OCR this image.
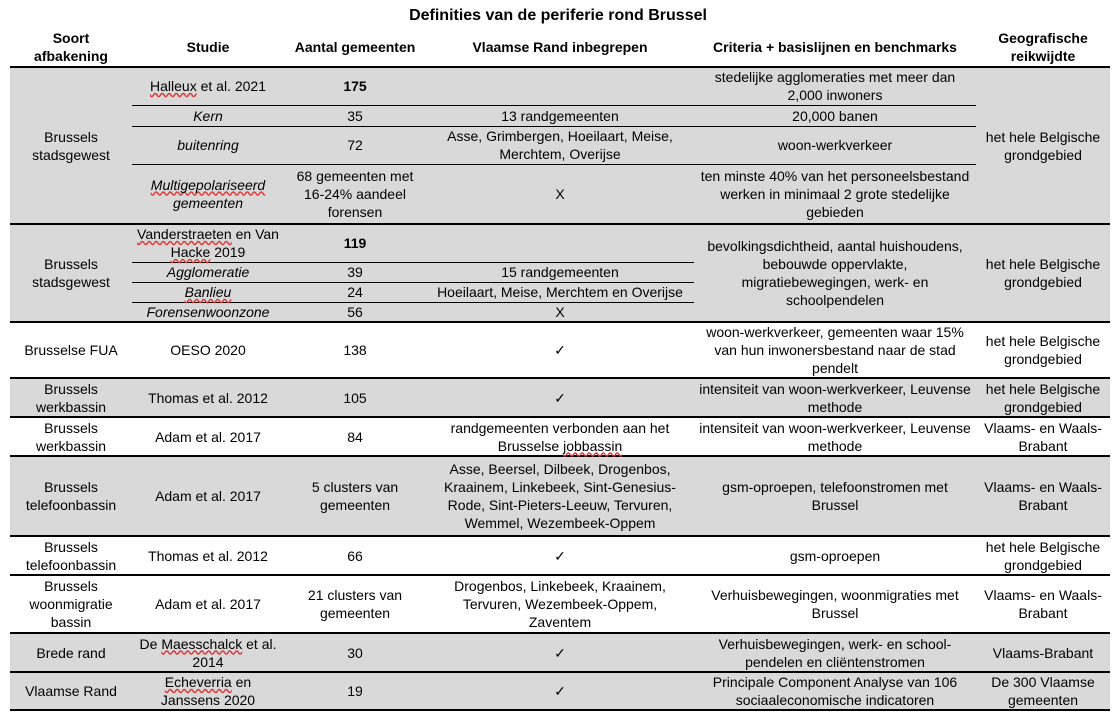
Definities van de periferie rond Brussel
Soort afbakening	Studie	Aantal gemeenten	Vlaamse Rand inbegrepen	Criteria + basislijnen en benchmarks	Geografische reikwijdte
Brussels stadsgewest	Halleux et al. 2021	175		stedelijke agglomeraties met meer dan 2,000 inwoners	het hele Belgische grondgebied
	Kern	35	13 randgemeenten	20,000 banen	
	buitenring	72	Asse, Grimbergen, Hoeilaart, Meise, Merchtem, Overijse	woon-werkverkeer	
	Multigepolariseerd gemeenten	68 gemeenten met 16-24% aandeel forensen	X	ten minste 40% van het personeelsbestand werken in minimaal 2 grote stedelijke gebieden	
Brussels stadsgewest	Vanderstraeten en Van Hacke 2019	119		bevolkingsdichtheid, aantal huishoudens, bebouwde oppervlakte, migratiebewegingen, werk- en schoolpendelen	het hele Belgische grondgebied
	Agglomeratie	39	15 randgemeenten		
	Banlieu	24	Hoeilaart, Meise, Merchtem en Overijse		
	Forensenwoonzone	56	X		
Brusselse FUA	OESO 2020	138	✓	woon-werkverkeer, gemeenten waar 15% van hun inwonersbestand naar de stad pendelt	het hele Belgische grondgebied
Brussels werkbassin	Thomas et al. 2012	105	✓	intensiteit van woon-werkverkeer, Leuvense methode	het hele Belgische grondgebied
Brussels werkbassin	Adam et al. 2017	84	randgemeenten verbonden aan het Brusselse jobbassin	intensiteit van woon-werkverkeer, Leuvense methode	Vlaams- en Waals-Brabant
Brussels telefoonbassin	Adam et al. 2017	5 clusters van gemeenten	Asse, Beersel, Dilbeek, Drogenbos, Kraainem, Linkebeek, Sint-Genesius-Rode, Sint-Pieters-Leeuw, Tervuren, Wemmel, Wezembeek-Oppem	gsm-oproepen, telefoonstromen met Brussel	Vlaams- en Waals-Brabant
Brussels telefoonbassin	Thomas et al. 2012	66	✓	gsm-oproepen	het hele Belgische grondgebied
Brussels woonmigratie bassin	Adam et al. 2017	21 clusters van gemeenten	Drogenbos, Linkebeek, Kraainem, Tervuren, Wezembeek-Oppem, Zaventem	Verhuisbewegingen, woonmigraties met Brussel	Vlaams- en Waals-Brabant
Brede rand	De Maesschalck et al. 2014	30	✓	Verhuisbewegingen, werk- en school-pendelen en cliëntenstromen	Vlaams-Brabant
Vlaamse Rand	Echeverria en Janssens 2020	19	✓	Principale Component Analyse van 106 sociaaleconomische indicatoren	De 300 Vlaamse gemeenten
